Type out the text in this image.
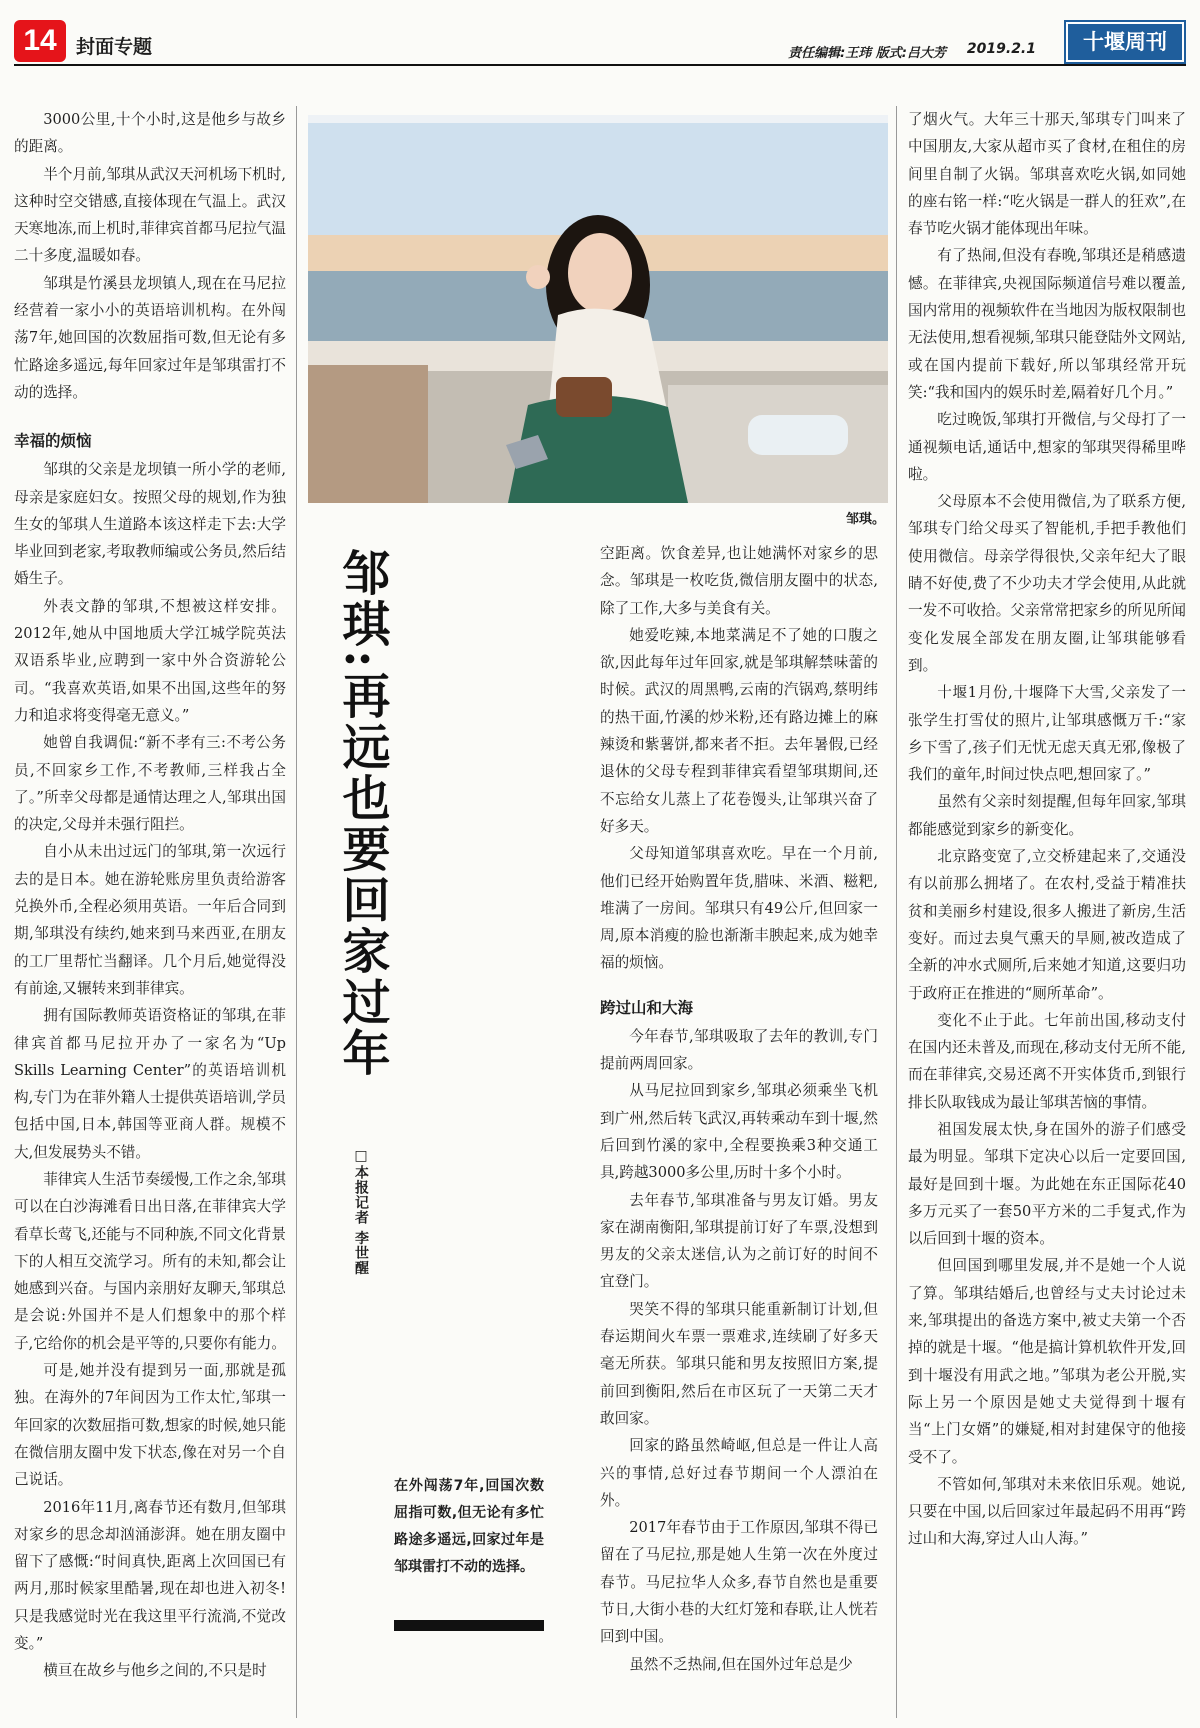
14	封面专题	责任编辑:王玮 版式:吕大芳 2019.2.1	十堰周刊

3000公里,十个小时,这是他乡与故乡的距离。

半个月前,邹琪从武汉天河机场下机时,这种时空交错感,直接体现在气温上。武汉天寒地冻,而上机时,菲律宾首都马尼拉气温二十多度,温暖如春。

邹琪是竹溪县龙坝镇人,现在在马尼拉经营着一家小小的英语培训机构。在外闯荡7年,她回国的次数屈指可数,但无论有多忙路途多遥远,每年回家过年是邹琪雷打不动的选择。

幸福的烦恼

邹琪的父亲是龙坝镇一所小学的老师,母亲是家庭妇女。按照父母的规划,作为独生女的邹琪人生道路本该这样走下去:大学毕业回到老家,考取教师编或公务员,然后结婚生子。

外表文静的邹琪,不想被这样安排。2012年,她从中国地质大学江城学院英法双语系毕业,应聘到一家中外合资游轮公司。“我喜欢英语,如果不出国,这些年的努力和追求将变得毫无意义。”

她曾自我调侃:“新不孝有三:不考公务员,不回家乡工作,不考教师,三样我占全了。”所幸父母都是通情达理之人,邹琪出国的决定,父母并未强行阻拦。

自小从未出过远门的邹琪,第一次远行去的是日本。她在游轮账房里负责给游客兑换外币,全程必须用英语。一年后合同到期,邹琪没有续约,她来到马来西亚,在朋友的工厂里帮忙当翻译。几个月后,她觉得没有前途,又辗转来到菲律宾。

拥有国际教师英语资格证的邹琪,在菲律宾首都马尼拉开办了一家名为“Up Skills Learning Center”的英语培训机构,专门为在菲外籍人士提供英语培训,学员包括中国,日本,韩国等亚商人群。规模不大,但发展势头不错。

菲律宾人生活节奏缓慢,工作之余,邹琪可以在白沙海滩看日出日落,在菲律宾大学看草长莺飞,还能与不同种族,不同文化背景下的人相互交流学习。所有的未知,都会让她感到兴奋。与国内亲朋好友聊天,邹琪总是会说:外国并不是人们想象中的那个样子,它给你的机会是平等的,只要你有能力。

可是,她并没有提到另一面,那就是孤独。在海外的7年间因为工作太忙,邹琪一年回家的次数屈指可数,想家的时候,她只能在微信朋友圈中发下状态,像在对另一个自己说话。

2016年11月,离春节还有数月,但邹琪对家乡的思念却汹涌澎湃。她在朋友圈中留下了感慨:“时间真快,距离上次回国已有两月,那时候家里酷暑,现在却也进入初冬!只是我感觉时光在我这里平行流淌,不觉改变。”

横亘在故乡与他乡之间的,不只是时

邹琪。
邹琪:再远也要回家过年
□本报记者 李世醒
在外闯荡7年,回国次数屈指可数,但无论有多忙路途多遥远,回家过年是邹琪雷打不动的选择。

空距离。饮食差异,也让她满怀对家乡的思念。邹琪是一枚吃货,微信朋友圈中的状态,除了工作,大多与美食有关。

她爱吃辣,本地菜满足不了她的口腹之欲,因此每年过年回家,就是邹琪解禁味蕾的时候。武汉的周黑鸭,云南的汽锅鸡,蔡明纬的热干面,竹溪的炒米粉,还有路边摊上的麻辣烫和紫薯饼,都来者不拒。去年暑假,已经退休的父母专程到菲律宾看望邹琪期间,还不忘给女儿蒸上了花卷馒头,让邹琪兴奋了好多天。

父母知道邹琪喜欢吃。早在一个月前,他们已经开始购置年货,腊味、米酒、糍粑,堆满了一房间。邹琪只有49公斤,但回家一周,原本消瘦的脸也渐渐丰腴起来,成为她幸福的烦恼。

跨过山和大海

今年春节,邹琪吸取了去年的教训,专门提前两周回家。

从马尼拉回到家乡,邹琪必须乘坐飞机到广州,然后转飞武汉,再转乘动车到十堰,然后回到竹溪的家中,全程要换乘3种交通工具,跨越3000多公里,历时十多个小时。

去年春节,邹琪准备与男友订婚。男友家在湖南衡阳,邹琪提前订好了车票,没想到男友的父亲太迷信,认为之前订好的时间不宜登门。

哭笑不得的邹琪只能重新制订计划,但春运期间火车票一票难求,连续刷了好多天毫无所获。邹琪只能和男友按照旧方案,提前回到衡阳,然后在市区玩了一天第二天才敢回家。

回家的路虽然崎岖,但总是一件让人高兴的事情,总好过春节期间一个人漂泊在外。

2017年春节由于工作原因,邹琪不得已留在了马尼拉,那是她人生第一次在外度过春节。马尼拉华人众多,春节自然也是重要节日,大街小巷的大红灯笼和春联,让人恍若回到中国。

虽然不乏热闹,但在国外过年总是少

了烟火气。大年三十那天,邹琪专门叫来了中国朋友,大家从超市买了食材,在租住的房间里自制了火锅。邹琪喜欢吃火锅,如同她的座右铭一样:“吃火锅是一群人的狂欢”,在春节吃火锅才能体现出年味。

有了热闹,但没有春晚,邹琪还是稍感遗憾。在菲律宾,央视国际频道信号难以覆盖,国内常用的视频软件在当地因为版权限制也无法使用,想看视频,邹琪只能登陆外文网站,或在国内提前下载好,所以邹琪经常开玩笑:“我和国内的娱乐时差,隔着好几个月。”

吃过晚饭,邹琪打开微信,与父母打了一通视频电话,通话中,想家的邹琪哭得稀里哗啦。

父母原本不会使用微信,为了联系方便,邹琪专门给父母买了智能机,手把手教他们使用微信。母亲学得很快,父亲年纪大了眼睛不好使,费了不少功夫才学会使用,从此就一发不可收拾。父亲常常把家乡的所见所闻变化发展全部发在朋友圈,让邹琪能够看到。

十堰1月份,十堰降下大雪,父亲发了一张学生打雪仗的照片,让邹琪感慨万千:“家乡下雪了,孩子们无忧无虑天真无邪,像极了我们的童年,时间过快点吧,想回家了。”

虽然有父亲时刻提醒,但每年回家,邹琪都能感觉到家乡的新变化。

北京路变宽了,立交桥建起来了,交通没有以前那么拥堵了。在农村,受益于精准扶贫和美丽乡村建设,很多人搬进了新房,生活变好。而过去臭气熏天的旱厕,被改造成了全新的冲水式厕所,后来她才知道,这要归功于政府正在推进的“厕所革命”。

变化不止于此。七年前出国,移动支付在国内还未普及,而现在,移动支付无所不能,而在菲律宾,交易还离不开实体货币,到银行排长队取钱成为最让邹琪苦恼的事情。

祖国发展太快,身在国外的游子们感受最为明显。邹琪下定决心以后一定要回国,最好是回到十堰。为此她在东正国际花40多万元买了一套50平方米的二手复式,作为以后回到十堰的资本。

但回国到哪里发展,并不是她一个人说了算。邹琪结婚后,也曾经与丈夫讨论过未来,邹琪提出的备选方案中,被丈夫第一个否掉的就是十堰。“他是搞计算机软件开发,回到十堰没有用武之地。”邹琪为老公开脱,实际上另一个原因是她丈夫觉得到十堰有当“上门女婿”的嫌疑,相对封建保守的他接受不了。

不管如何,邹琪对未来依旧乐观。她说,只要在中国,以后回家过年最起码不用再“跨过山和大海,穿过人山人海。”
